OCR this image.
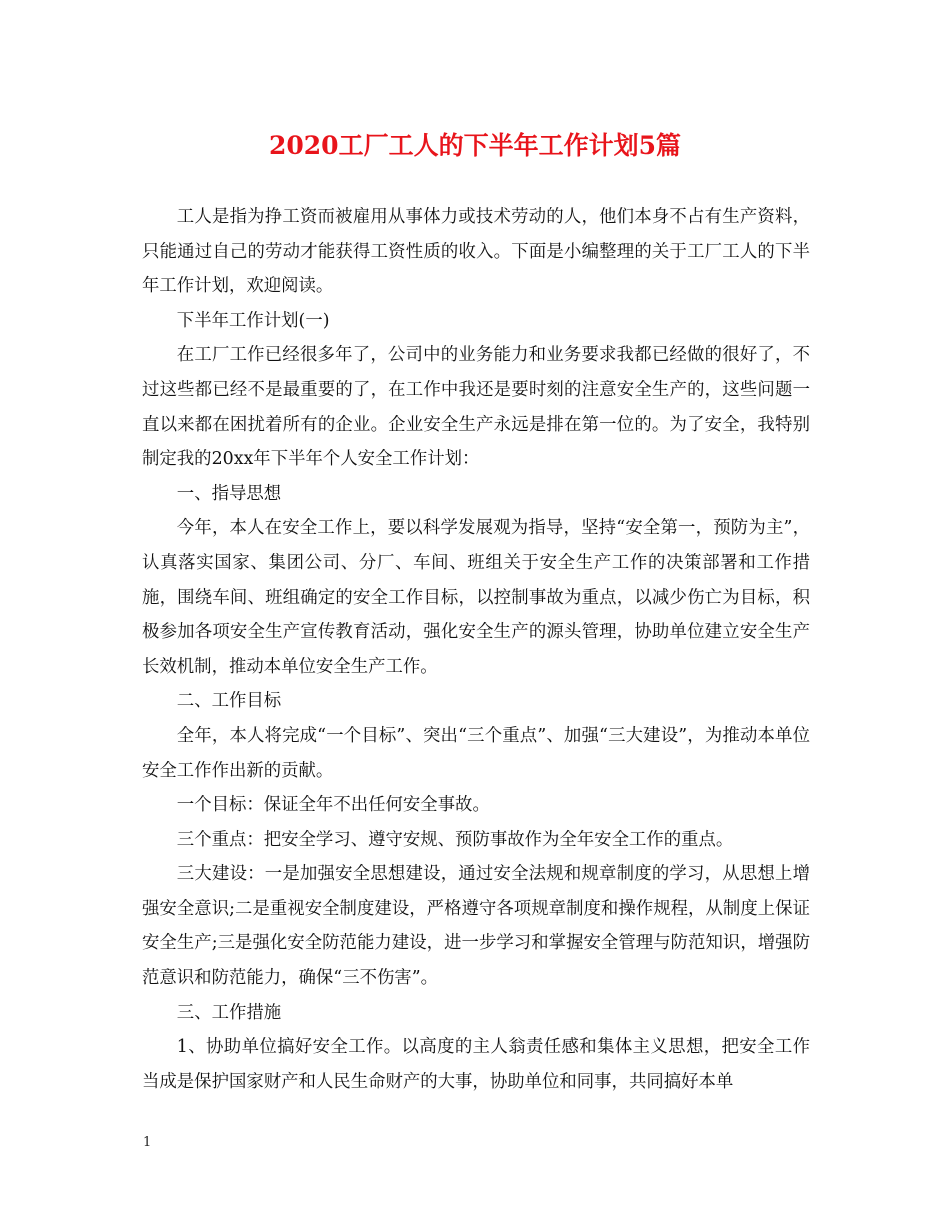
2020工厂工人的下半年工作计划5篇

工人是指为挣工资而被雇用从事体力或技术劳动的人，他们本身不占有生产资料，只能通过自己的劳动才能获得工资性质的收入。下面是小编整理的关于工厂工人的下半年工作计划，欢迎阅读。

下半年工作计划(一)

在工厂工作已经很多年了，公司中的业务能力和业务要求我都已经做的很好了，不过这些都已经不是最重要的了，在工作中我还是要时刻的注意安全生产的，这些问题一直以来都在困扰着所有的企业。企业安全生产永远是排在第一位的。为了安全，我特别制定我的20xx年下半年个人安全工作计划：

一、指导思想

今年，本人在安全工作上，要以科学发展观为指导，坚持“安全第一，预防为主”，认真落实国家、集团公司、分厂、车间、班组关于安全生产工作的决策部署和工作措施，围绕车间、班组确定的安全工作目标，以控制事故为重点，以减少伤亡为目标，积极参加各项安全生产宣传教育活动，强化安全生产的源头管理，协助单位建立安全生产长效机制，推动本单位安全生产工作。

二、工作目标

全年，本人将完成“一个目标”、突出“三个重点”、加强“三大建设”，为推动本单位安全工作作出新的贡献。

一个目标：保证全年不出任何安全事故。

三个重点：把安全学习、遵守安规、预防事故作为全年安全工作的重点。

三大建设：一是加强安全思想建设，通过安全法规和规章制度的学习，从思想上增强安全意识;二是重视安全制度建设，严格遵守各项规章制度和操作规程，从制度上保证安全生产;三是强化安全防范能力建设，进一步学习和掌握安全管理与防范知识，增强防范意识和防范能力，确保“三不伤害”。

三、工作措施

1、协助单位搞好安全工作。以高度的主人翁责任感和集体主义思想，把安全工作当成是保护国家财产和人民生命财产的大事，协助单位和同事，共同搞好本单

1
